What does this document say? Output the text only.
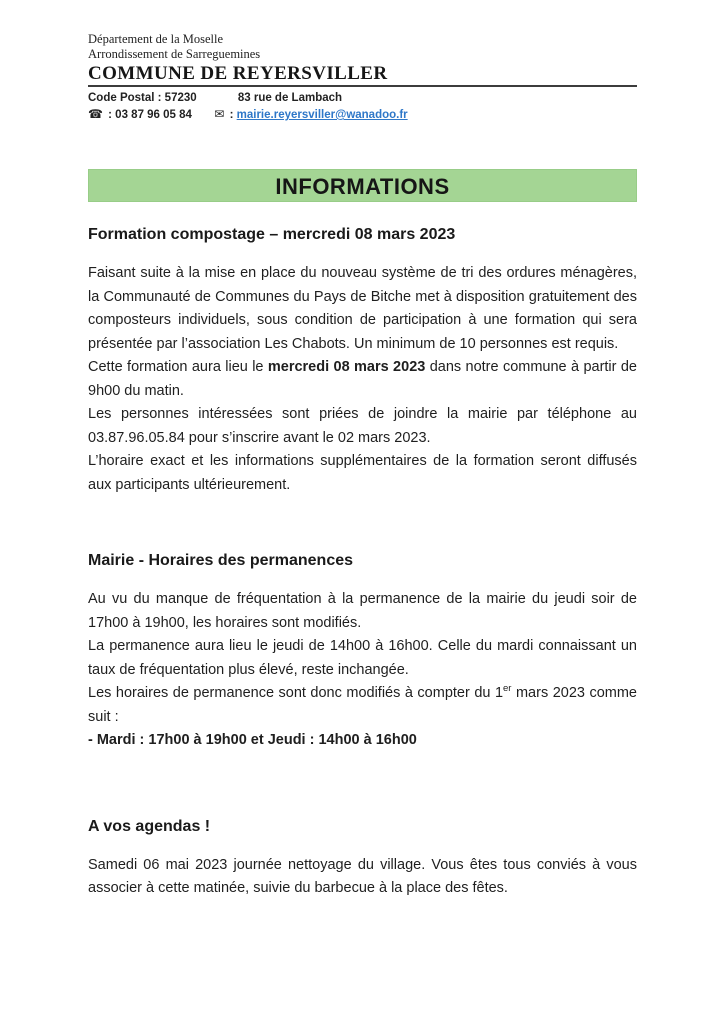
Département de la Moselle
Arrondissement de Sarreguemines
COMMUNE DE REYERSVILLER
Code Postal : 57230	83 rue de Lambach
☎ : 03 87 96 05 84 ✉ : mairie.reyersviller@wanadoo.fr
INFORMATIONS
Formation compostage – mercredi 08 mars 2023

Faisant suite à la mise en place du nouveau système de tri des ordures ménagères, la Communauté de Communes du Pays de Bitche met à disposition gratuitement des composteurs individuels, sous condition de participation à une formation qui sera présentée par l’association Les Chabots. Un minimum de 10 personnes est requis.

Cette formation aura lieu le mercredi 08 mars 2023 dans notre commune à partir de 9h00 du matin.

Les personnes intéressées sont priées de joindre la mairie par téléphone au 03.87.96.05.84 pour s’inscrire avant le 02 mars 2023.

L’horaire exact et les informations supplémentaires de la formation seront diffusés aux participants ultérieurement.

Mairie - Horaires des permanences

Au vu du manque de fréquentation à la permanence de la mairie du jeudi soir de 17h00 à 19h00, les horaires sont modifiés.

La permanence aura lieu le jeudi de 14h00 à 16h00. Celle du mardi connaissant un taux de fréquentation plus élevé, reste inchangée.

Les horaires de permanence sont donc modifiés à compter du 1er mars 2023 comme suit :

- Mardi : 17h00 à 19h00 et Jeudi : 14h00 à 16h00

A vos agendas !

Samedi 06 mai 2023 journée nettoyage du village. Vous êtes tous conviés à vous associer à cette matinée, suivie du barbecue à la place des fêtes.
